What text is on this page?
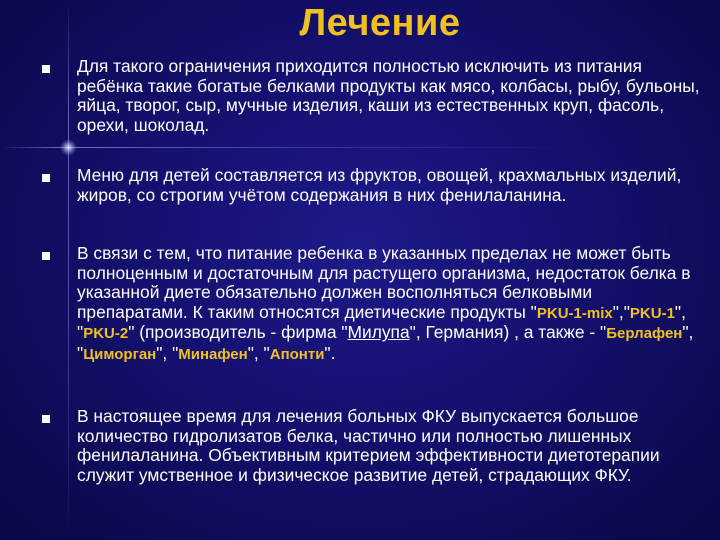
Лечение
Для такого ограничения приходится полностью исключить из питания ребёнка такие богатые белками продукты как мясо, колбасы, рыбу, бульоны, яйца, творог, сыр, мучные изделия, каши из естественных круп, фасоль, орехи, шоколад.
Меню для детей составляется из фруктов, овощей, крахмальных изделий, жиров, со строгим учётом содержания в них фенилаланина.
В связи с тем, что питание ребенка в указанных пределах не может быть полноценным и достаточным для растущего организма, недостаток белка в указанной диете обязательно должен восполняться белковыми препаратами. К таким относятся диетические продукты "PKU-1-mix","PKU-1", "PKU-2" (производитель - фирма "Милупа", Германия) , а также - "Берлафен", "Циморган", "Минафен", "Апонти".
В настоящее время для лечения больных ФКУ выпускается большое количество гидролизатов белка, частично или полностью лишенных фенилаланина. Объективным критерием эффективности диетотерапии служит умственное и физическое развитие детей, страдающих ФКУ.
